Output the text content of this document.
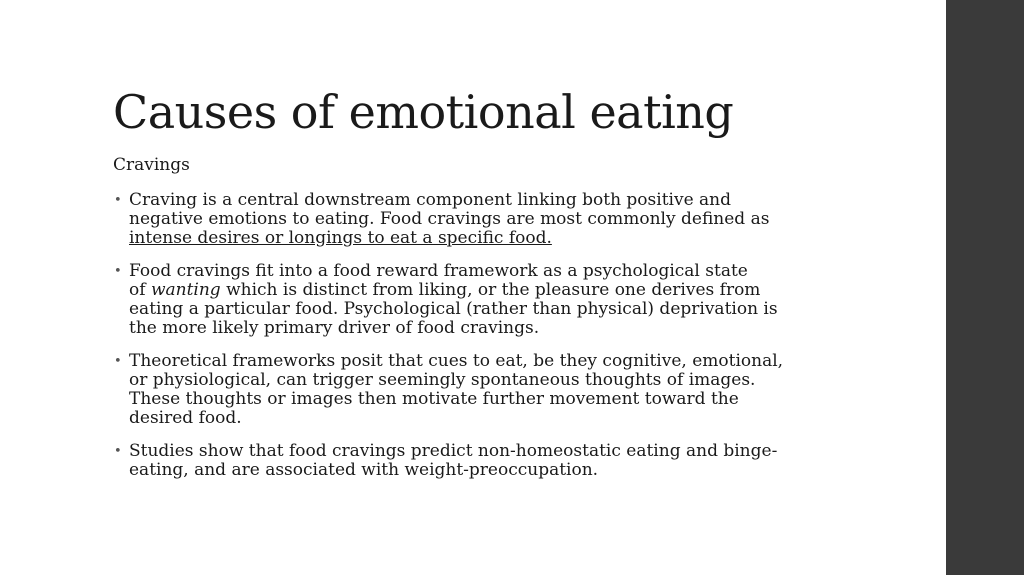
Causes of emotional eating
Cravings
• Craving is a central downstream component linking both positive and
negative emotions to eating. Food cravings are most commonly defined as
intense desires or longings to eat a specific food.
• Food cravings fit into a food reward framework as a psychological state
of wanting which is distinct from liking, or the pleasure one derives from
eating a particular food. Psychological (rather than physical) deprivation is
the more likely primary driver of food cravings.
• Theoretical frameworks posit that cues to eat, be they cognitive, emotional,
or physiological, can trigger seemingly spontaneous thoughts of images.
These thoughts or images then motivate further movement toward the
desired food.
• Studies show that food cravings predict non-homeostatic eating and binge-
eating, and are associated with weight-preoccupation.
